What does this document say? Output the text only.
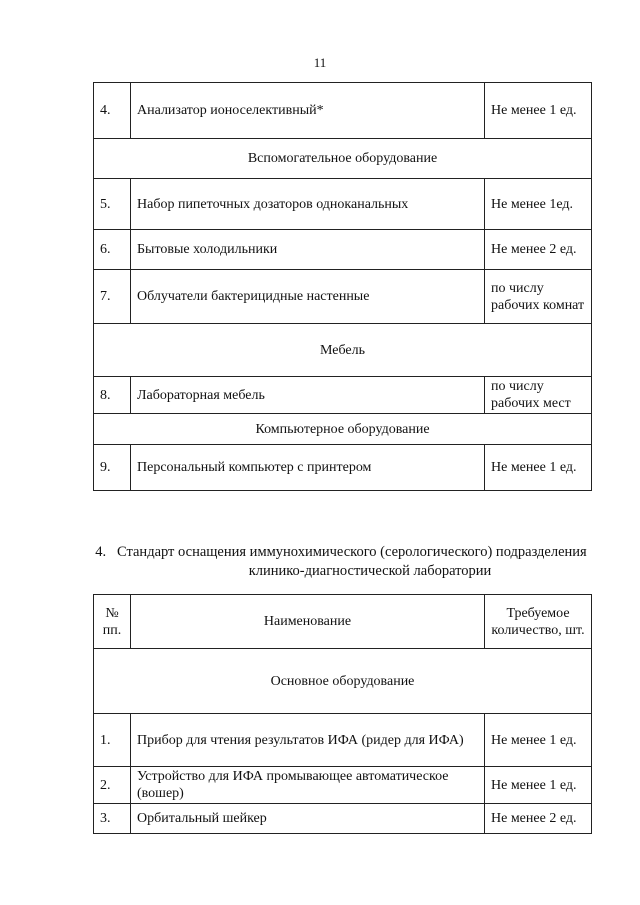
11
4.	Анализатор ионоселективный*	Не менее 1 ед.
Вспомогательное оборудование		
5.	Набор пипеточных дозаторов одноканальных	Не менее 1ед.
6.	Бытовые холодильники	Не менее 2 ед.
7.	Облучатели бактерицидные настенные	по числу рабочих комнат
Мебель		
8.	Лабораторная мебель	по числу рабочих мест
Компьютерное оборудование		
9.	Персональный компьютер с принтером	Не менее 1 ед.
4. Стандарт оснащения иммунохимического (серологического) подразделения
клинико-диагностической лаборатории
№ пп.	Наименование	Требуемое количество, шт.
Основное оборудование		
1.	Прибор для чтения результатов ИФА (ридер для ИФА)	Не менее 1 ед.
2.	Устройство для ИФА промывающее автоматическое (вошер)	Не менее 1 ед.
3.	Орбитальный шейкер	Не менее 2 ед.
